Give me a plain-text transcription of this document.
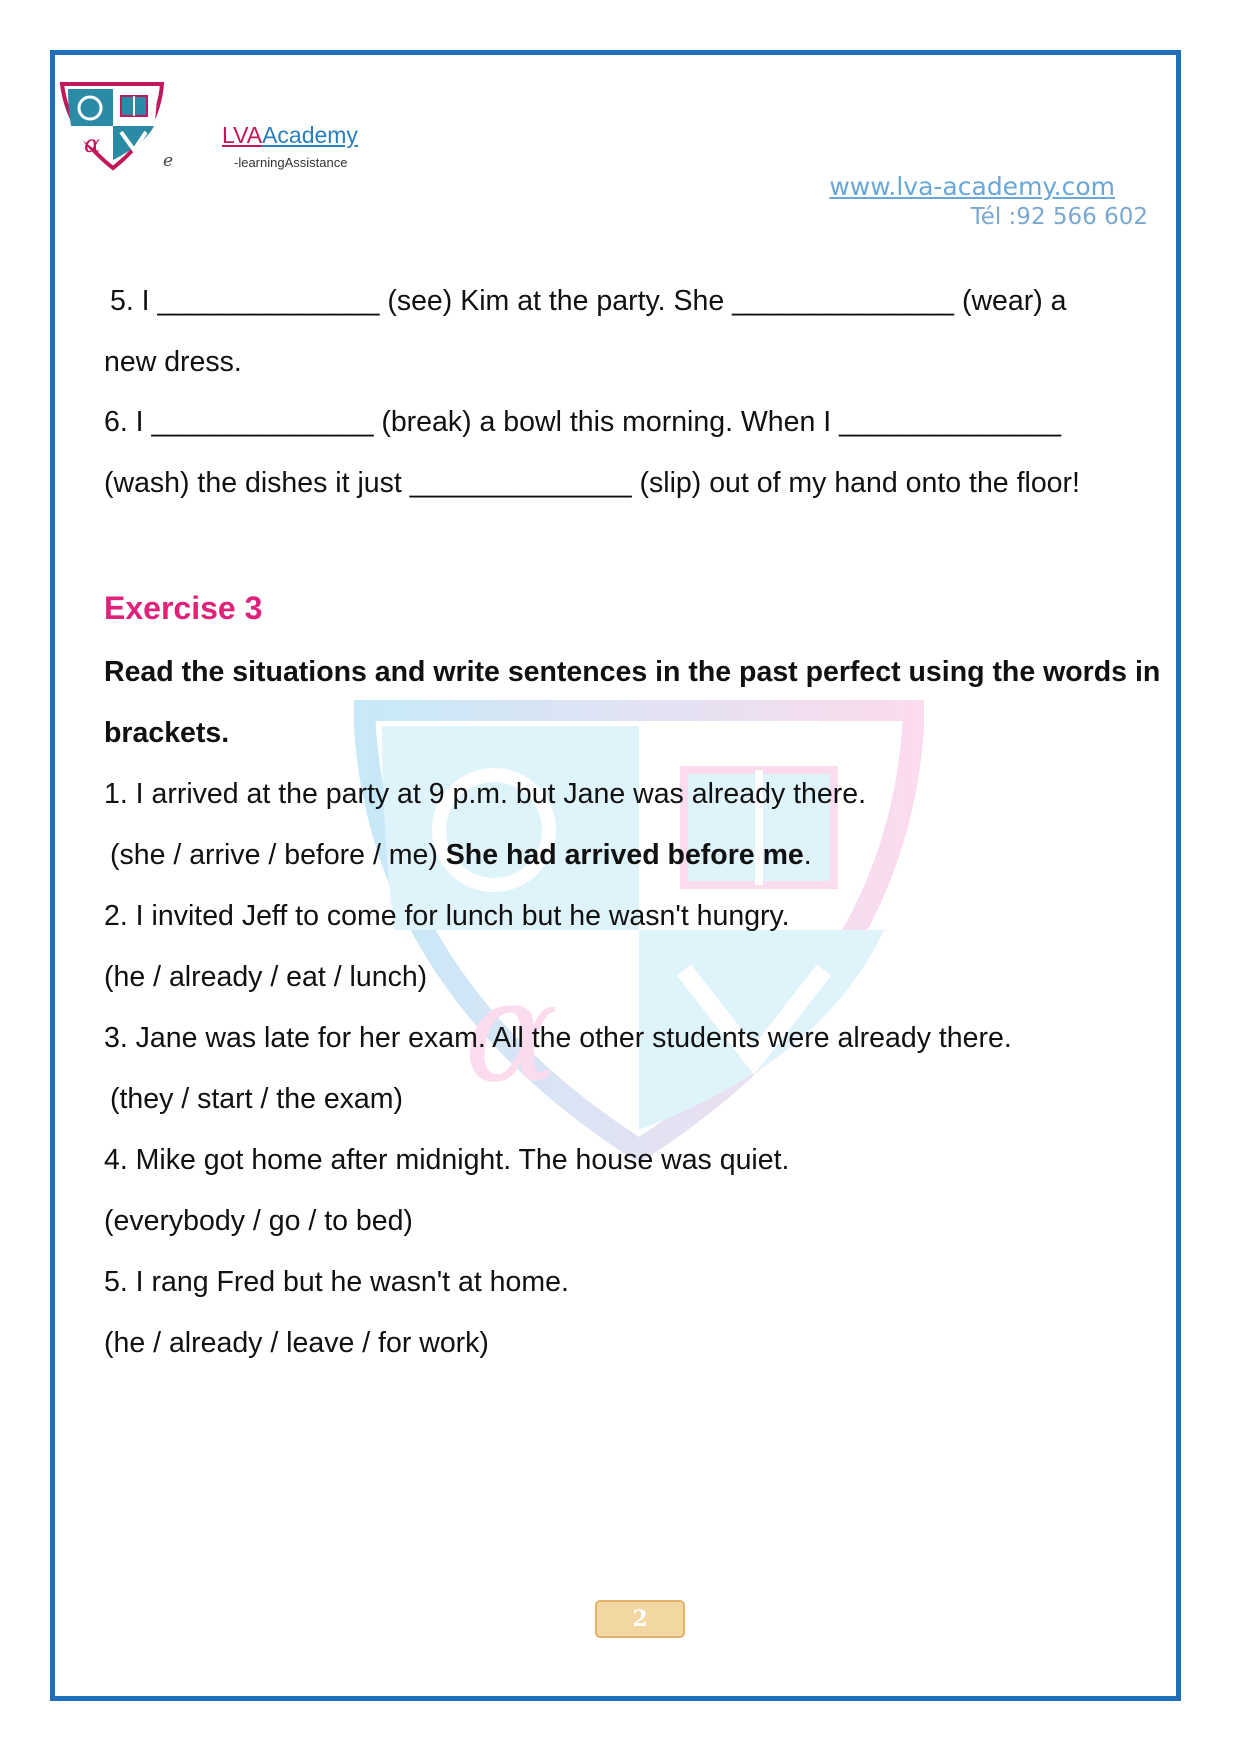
α
e
LVAAcademy
-learningAssistance
www.lva-academy.com
Tél :92 566 602
α
5. I ______________ (see) Kim at the party. She ______________ (wear) a
new dress.
6. I ______________ (break) a bowl this morning. When I ______________
(wash) the dishes it just ______________ (slip) out of my hand onto the floor!
Exercise 3
Read the situations and write sentences in the past perfect using the words in
brackets.
1. I arrived at the party at 9 p.m. but Jane was already there.
(she / arrive / before / me) She had arrived before me.
2. I invited Jeff to come for lunch but he wasn't hungry.
(he / already / eat / lunch)
3. Jane was late for her exam. All the other students were already there.
(they / start / the exam)
4. Mike got home after midnight. The house was quiet.
(everybody / go / to bed)
5. I rang Fred but he wasn't at home.
(he / already / leave / for work)
2
